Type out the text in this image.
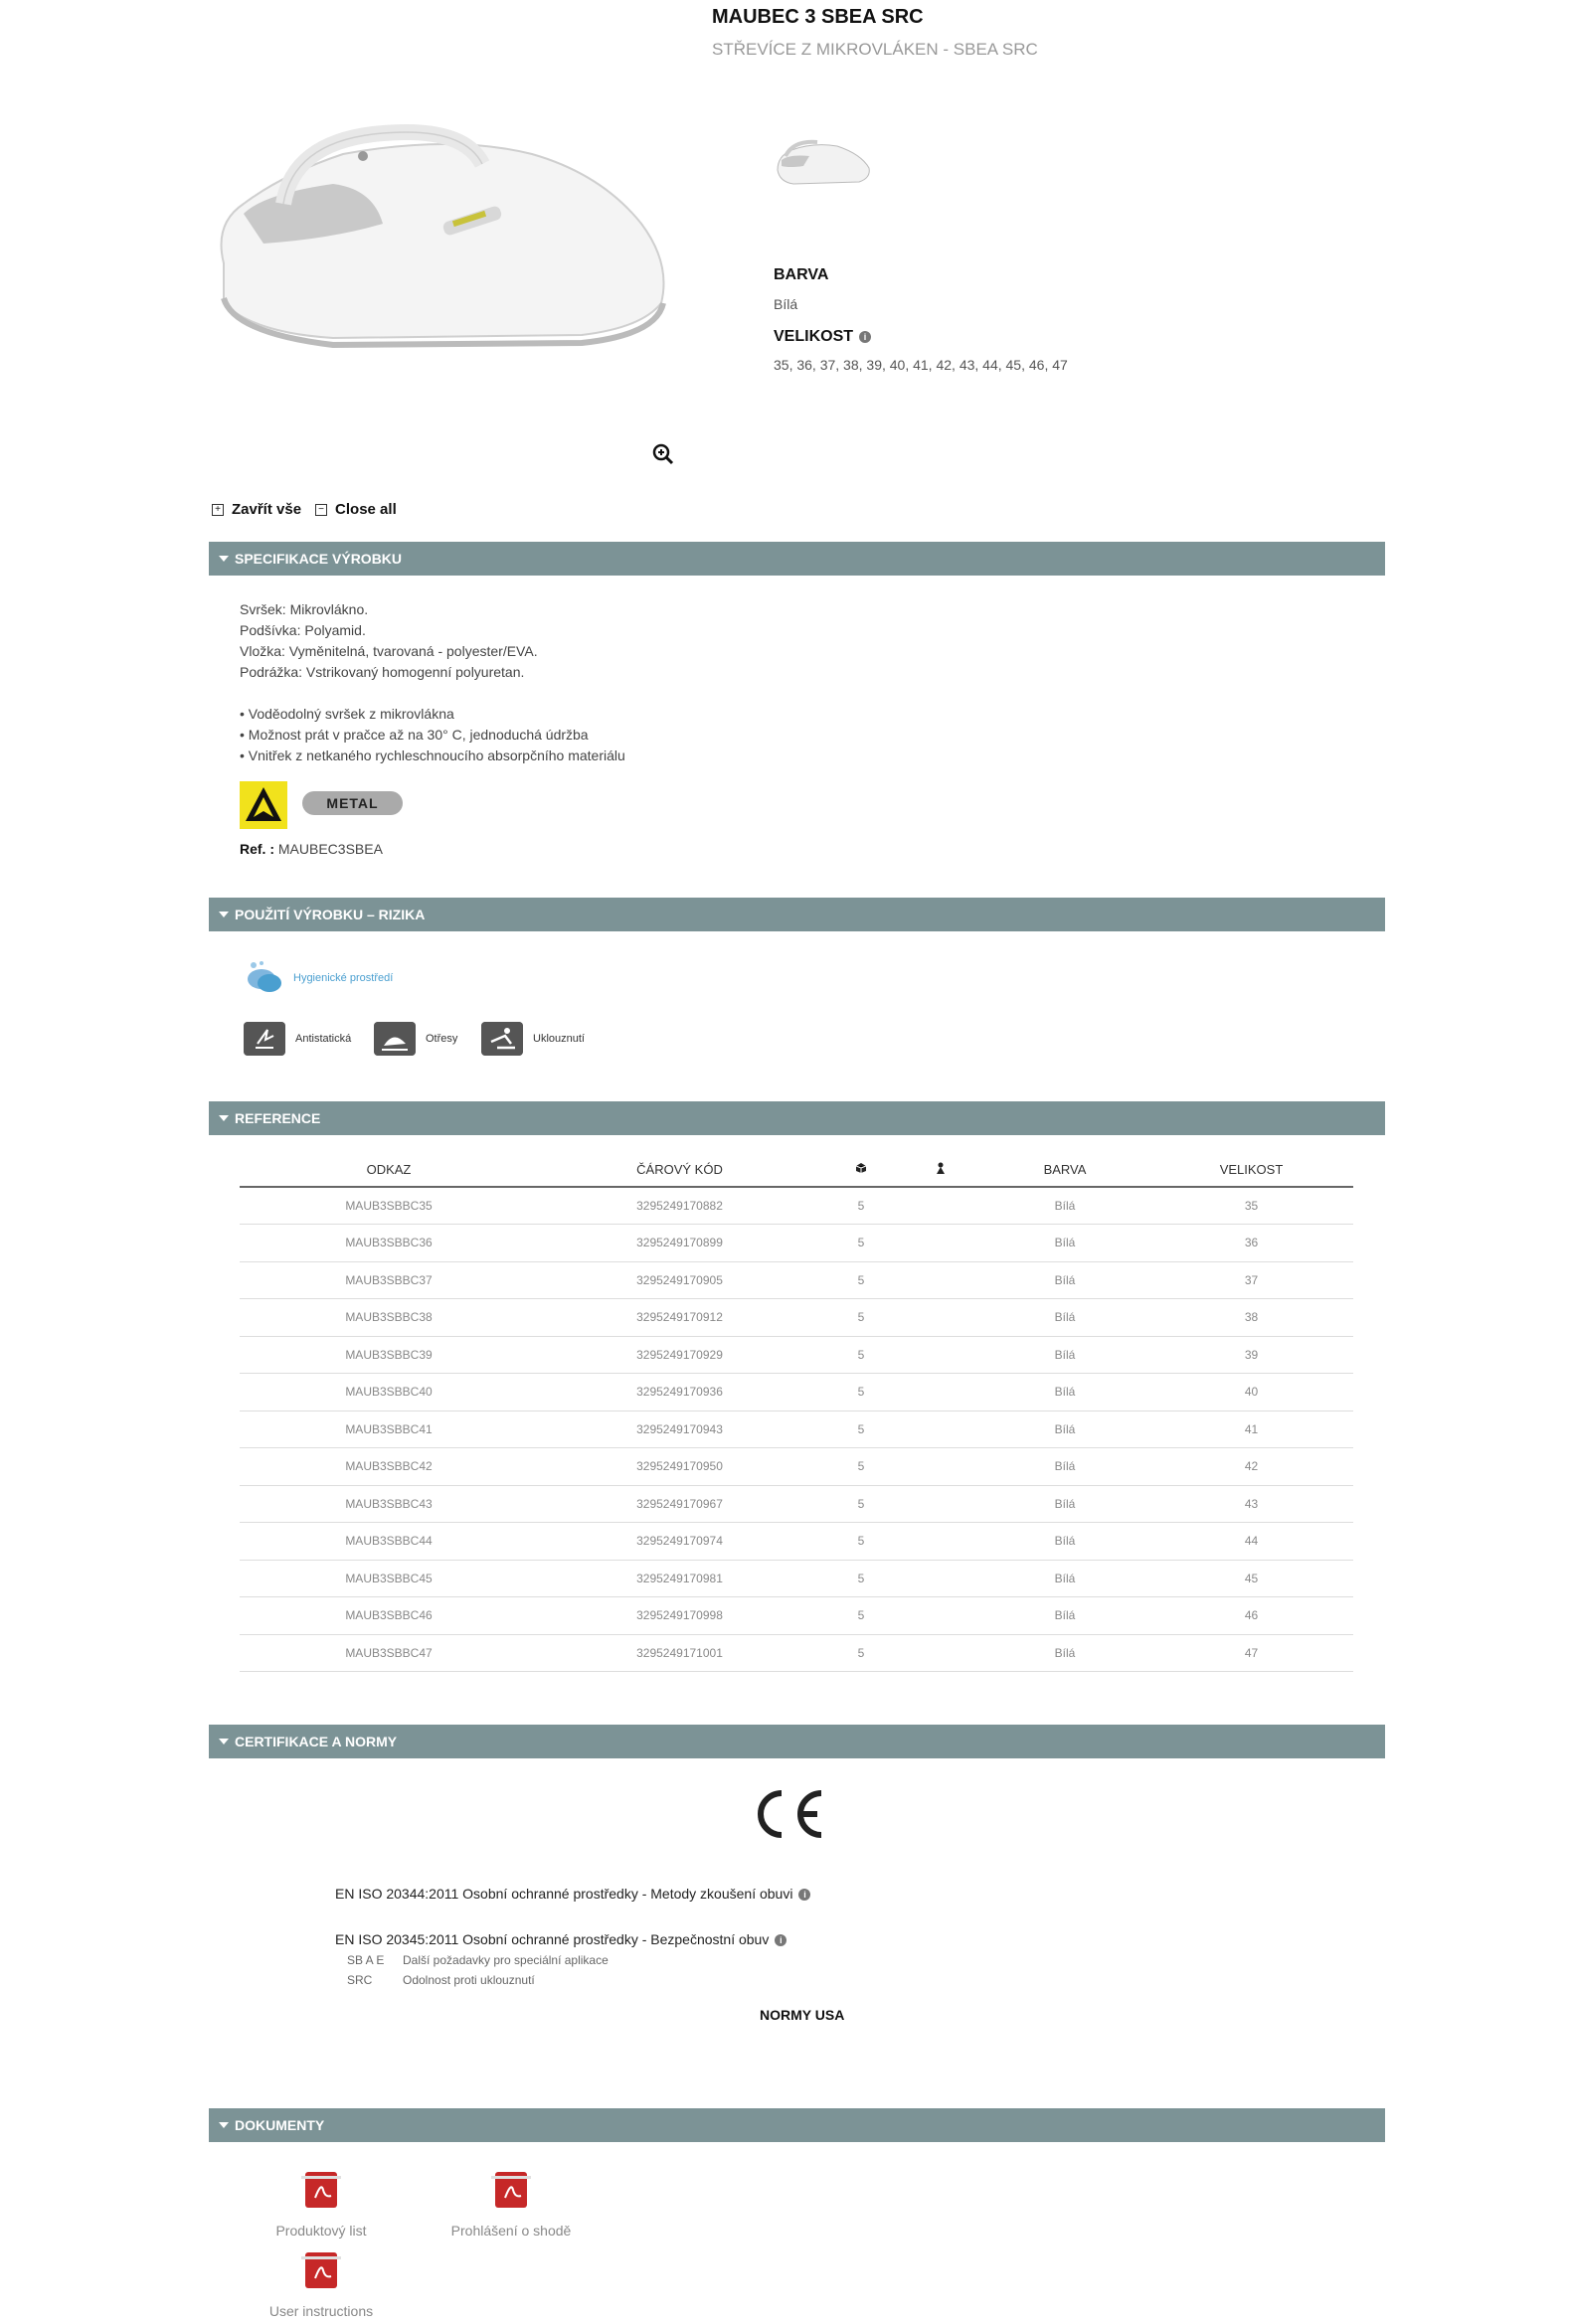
MAUBEC 3 SBEA SRC
STŘEVÍCE Z MIKROVLÁKEN - SBEA SRC
BARVA
Bílá
VELIKOST i
35, 36, 37, 38, 39, 40, 41, 42, 43, 44, 45, 46, 47
+ Zavřít vše	− Close all
SPECIFIKACE VÝROBKU
Svršek: Mikrovlákno.
Podšívka: Polyamid.
Vložka: Vyměnitelná, tvarovaná - polyester/EVA.
Podrážka: Vstrikovaný homogenní polyuretan.
• Voděodolný svršek z mikrovlákna
• Možnost prát v pračce až na 30° C, jednoduchá údržba
• Vnitřek z netkaného rychleschnoucího absorpčního materiálu
METAL
Ref. : MAUBEC3SBEA
POUŽITÍ VÝROBKU – RIZIKA
Hygienické prostředí
Antistatická	Otřesy	Uklouznutí
REFERENCE
ODKAZ	ČÁROVÝ KÓD			BARVA	VELIKOST
MAUB3SBBC35	3295249170882	5		Bílá	35
MAUB3SBBC36	3295249170899	5		Bílá	36
MAUB3SBBC37	3295249170905	5		Bílá	37
MAUB3SBBC38	3295249170912	5		Bílá	38
MAUB3SBBC39	3295249170929	5		Bílá	39
MAUB3SBBC40	3295249170936	5		Bílá	40
MAUB3SBBC41	3295249170943	5		Bílá	41
MAUB3SBBC42	3295249170950	5		Bílá	42
MAUB3SBBC43	3295249170967	5		Bílá	43
MAUB3SBBC44	3295249170974	5		Bílá	44
MAUB3SBBC45	3295249170981	5		Bílá	45
MAUB3SBBC46	3295249170998	5		Bílá	46
MAUB3SBBC47	3295249171001	5		Bílá	47
CERTIFIKACE A NORMY
EN ISO 20344:2011 Osobní ochranné prostředky - Metody zkoušení obuvi i
EN ISO 20345:2011 Osobní ochranné prostředky - Bezpečnostní obuv i
SB A E Další požadavky pro speciální aplikace
SRC	Odolnost proti uklouznutí
NORMY USA
DOKUMENTY
Produktový list	Prohlášení o shodě
User instructions
